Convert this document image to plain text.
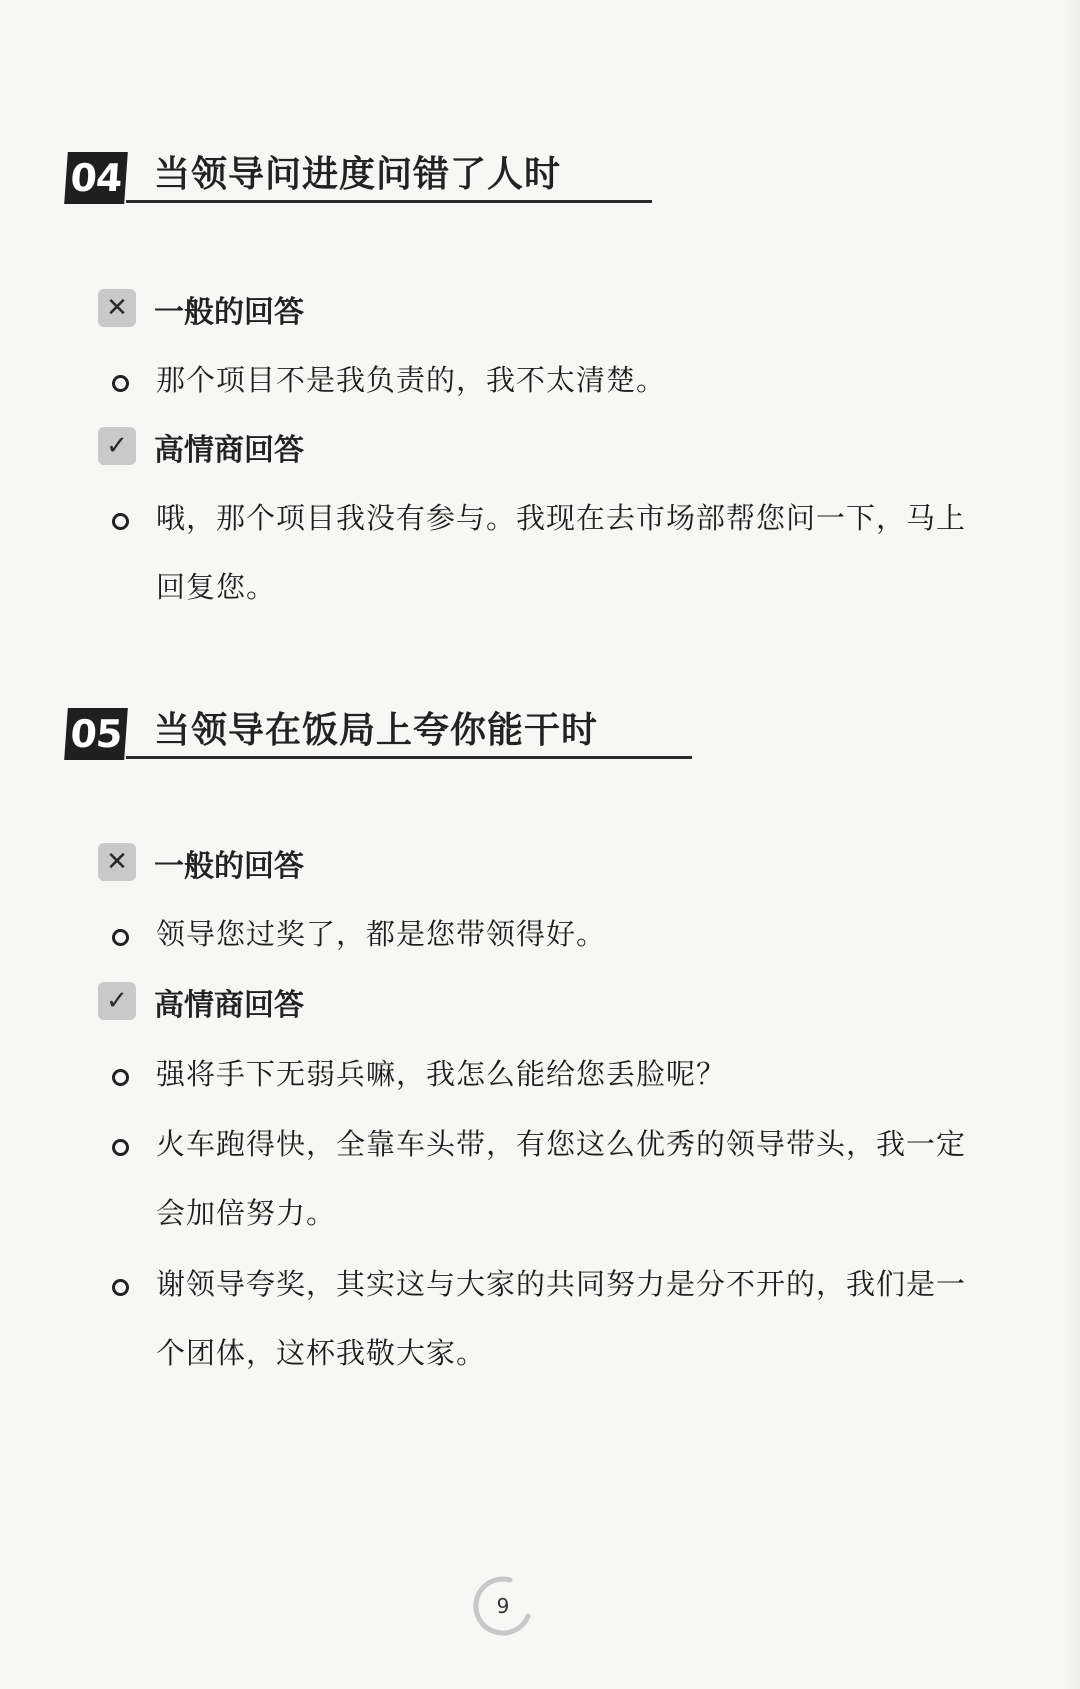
04 当领导问进度问错了人时
✕ 一般的回答
那个项目不是我负责的，我不太清楚。
✓ 高情商回答
哦，那个项目我没有参与。我现在去市场部帮您问一下，马上回复您。
05 当领导在饭局上夸你能干时
✕ 一般的回答
领导您过奖了，都是您带领得好。
✓ 高情商回答
强将手下无弱兵嘛，我怎么能给您丢脸呢？
火车跑得快，全靠车头带，有您这么优秀的领导带头，我一定会加倍努力。
谢领导夸奖，其实这与大家的共同努力是分不开的，我们是一个团体，这杯我敬大家。
9
